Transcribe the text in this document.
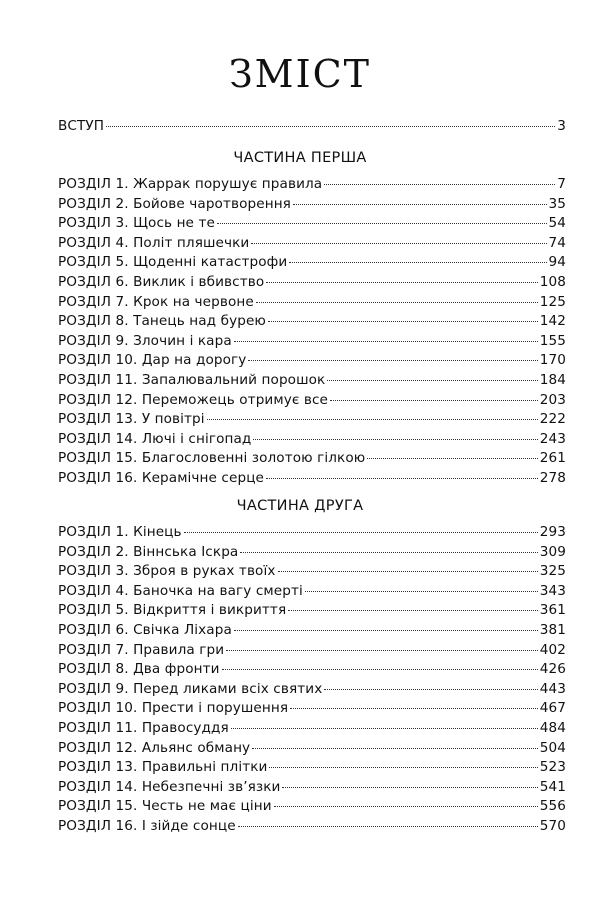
ЗМІСТ
ВСТУП	3
ЧАСТИНА ПЕРША
РОЗДІЛ 1. Жаррак порушує правила	7
РОЗДІЛ 2. Бойове чаротворення	35
РОЗДІЛ 3. Щось не те	54
РОЗДІЛ 4. Політ пляшечки	74
РОЗДІЛ 5. Щоденні катастрофи	94
РОЗДІЛ 6. Виклик і вбивство	108
РОЗДІЛ 7. Крок на червоне	125
РОЗДІЛ 8. Танець над бурею	142
РОЗДІЛ 9. Злочин і кара	155
РОЗДІЛ 10. Дар на дорогу	170
РОЗДІЛ 11. Запалювальний порошок	184
РОЗДІЛ 12. Переможець отримує все	203
РОЗДІЛ 13. У повітрі	222
РОЗДІЛ 14. Лючі і снігопад	243
РОЗДІЛ 15. Благословенні золотою гілкою	261
РОЗДІЛ 16. Керамічне серце	278
ЧАСТИНА ДРУГА
РОЗДІЛ 1. Кінець	293
РОЗДІЛ 2. Віннська Іскра	309
РОЗДІЛ 3. Зброя в руках твоїх	325
РОЗДІЛ 4. Баночка на вагу смерті	343
РОЗДІЛ 5. Відкриття і викриття	361
РОЗДІЛ 6. Свічка Ліхара	381
РОЗДІЛ 7. Правила гри	402
РОЗДІЛ 8. Два фронти	426
РОЗДІЛ 9. Перед ликами всіх святих	443
РОЗДІЛ 10. Прести і порушення	467
РОЗДІЛ 11. Правосуддя	484
РОЗДІЛ 12. Альянс обману	504
РОЗДІЛ 13. Правильні плітки	523
РОЗДІЛ 14. Небезпечні зв’язки	541
РОЗДІЛ 15. Честь не має ціни	556
РОЗДІЛ 16. І зійде сонце	570
